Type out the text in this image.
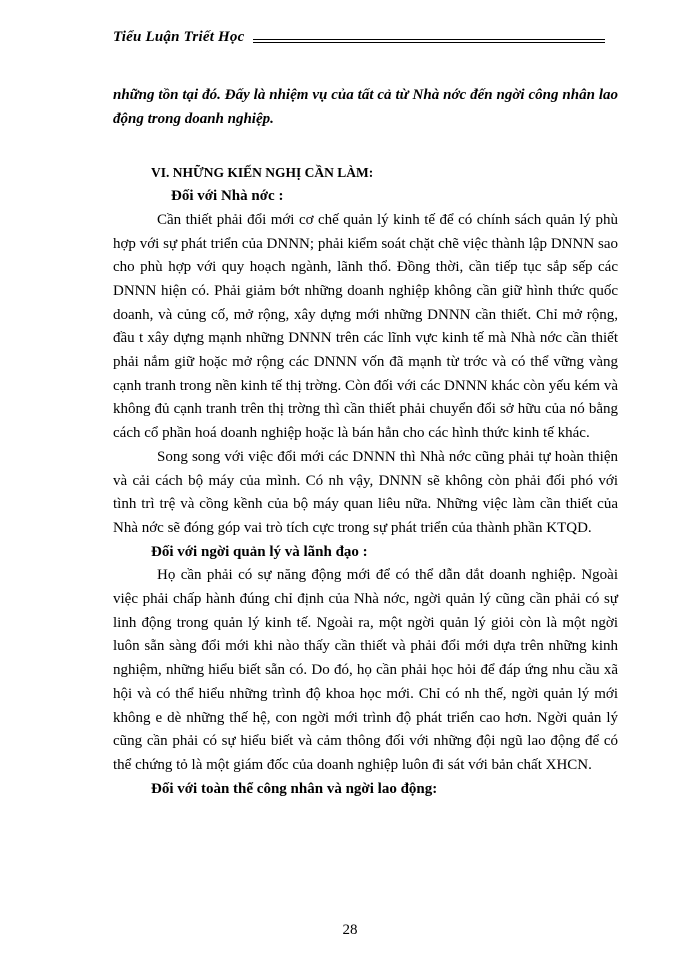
Tiểu Luận Triết Học

những tồn tại đó. Đấy là nhiệm vụ của tất cả từ Nhà nớc đến ngời công nhân lao động trong doanh nghiệp.

VI. NHỮNG KIẾN NGHỊ CẦN LÀM:

Đối với Nhà nớc :

Cần thiết phải đổi mới cơ chế quản lý kinh tế để có chính sách quản lý phù hợp với sự phát triển của DNNN; phải kiểm soát chặt chẽ việc thành lập DNNN sao cho phù hợp với quy hoạch ngành, lãnh thổ. Đồng thời, cần tiếp tục sắp sếp các DNNN hiện có. Phải giảm bớt những doanh nghiệp không cần giữ hình thức quốc doanh, và củng cố, mở rộng, xây dựng mới những DNNN cần thiết. Chỉ mở rộng, đầu t xây dựng mạnh những DNNN trên các lĩnh vực kinh tế mà Nhà nớc cần thiết phải nắm giữ hoặc mở rộng các DNNN vốn đã mạnh từ trớc và có thể vững vàng cạnh tranh trong nền kinh tế thị trờng. Còn đối với các DNNN khác còn yếu kém và không đủ cạnh tranh trên thị trờng thì cần thiết phải chuyển đổi sở hữu của nó bằng cách cổ phần hoá doanh nghiệp hoặc là bán hẳn cho các hình thức kinh tế khác.

Song song với việc đổi mới các DNNN thì Nhà nớc cũng phải tự hoàn thiện và cải cách bộ máy của mình. Có nh vậy, DNNN sẽ không còn phải đối phó với tình trì trệ và cồng kềnh của bộ máy quan liêu nữa. Những việc làm cần thiết của Nhà nớc sẽ đóng góp vai trò tích cực trong sự phát triển của thành phần KTQD.

Đối với ngời quản lý và lãnh đạo :

Họ cần phải có sự năng động mới để có thể dẫn dắt doanh nghiệp. Ngoài việc phải chấp hành đúng chỉ định của Nhà nớc, ngời quản lý cũng cần phải có sự linh động trong quản lý kinh tế. Ngoài ra, một ngời quản lý giỏi còn là một ngời luôn sẵn sàng đổi mới khi nào thấy cần thiết và phải đổi mới dựa trên những kinh nghiệm, những hiểu biết sẵn có. Do đó, họ cần phải học hỏi để đáp ứng nhu cầu xã hội và có thể hiểu những trình độ khoa học mới. Chỉ có nh thế, ngời quản lý mới không e dè những thế hệ, con ngời mới trình độ phát triển cao hơn. Ngời quản lý cũng cần phải có sự hiểu biết và cảm thông đối với những đội ngũ lao động để có thể chứng tỏ là một giám đốc của doanh nghiệp luôn đi sát với bản chất XHCN.

Đối với toàn thể công nhân và ngời lao động:

28
